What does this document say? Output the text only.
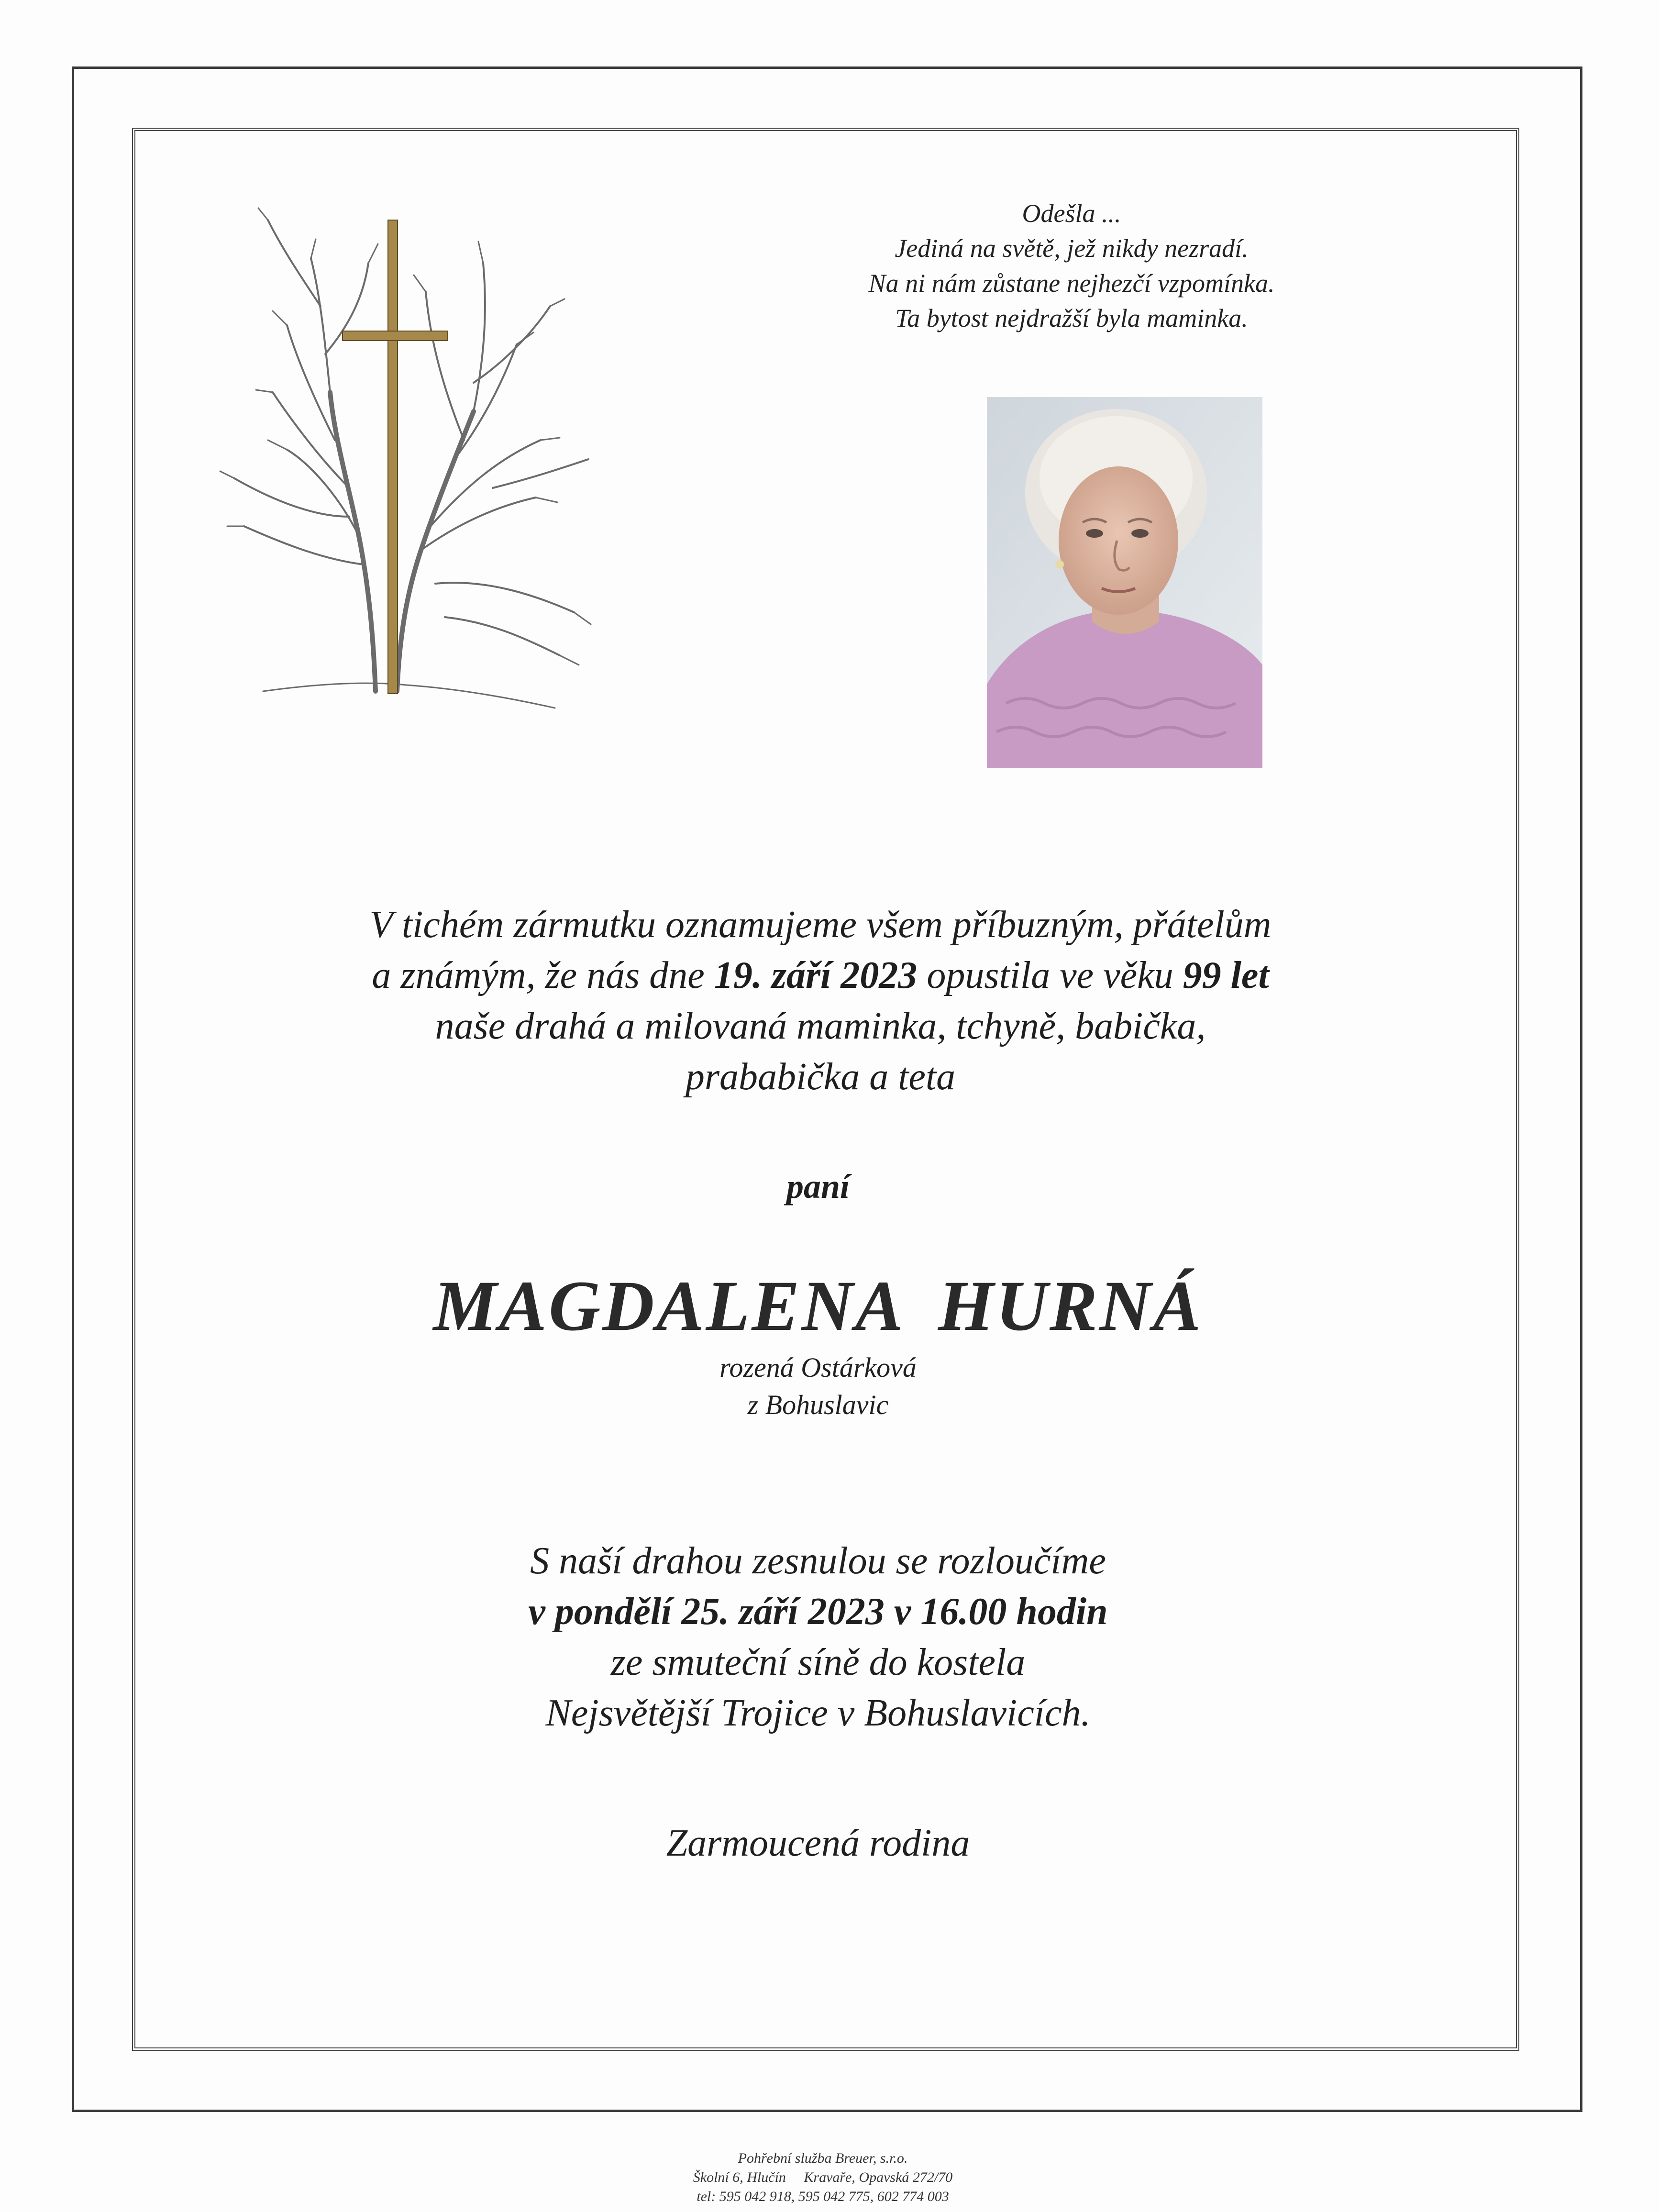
Odešla ...
Jediná na světě, jež nikdy nezradí.
Na ni nám zůstane nejhezčí vzpomínka.
Ta bytost nejdražší byla maminka.
V tichém zármutku oznamujeme všem příbuzným, přátelům
a známým, že nás dne 19. září 2023 opustila ve věku 99 let
naše drahá a milovaná maminka, tchyně, babička,
prababička a teta
paní
MAGDALENA HURNÁ
rozená Ostárková
z Bohuslavic
S naší drahou zesnulou se rozloučíme
v pondělí 25. září 2023 v 16.00 hodin
ze smuteční síně do kostela
Nejsvětější Trojice v Bohuslavicích.
Zarmoucená rodina
Pohřební služba Breuer, s.r.o.
Školní 6, Hlučín     Kravaře, Opavská 272/70
tel: 595 042 918, 595 042 775, 602 774 003
